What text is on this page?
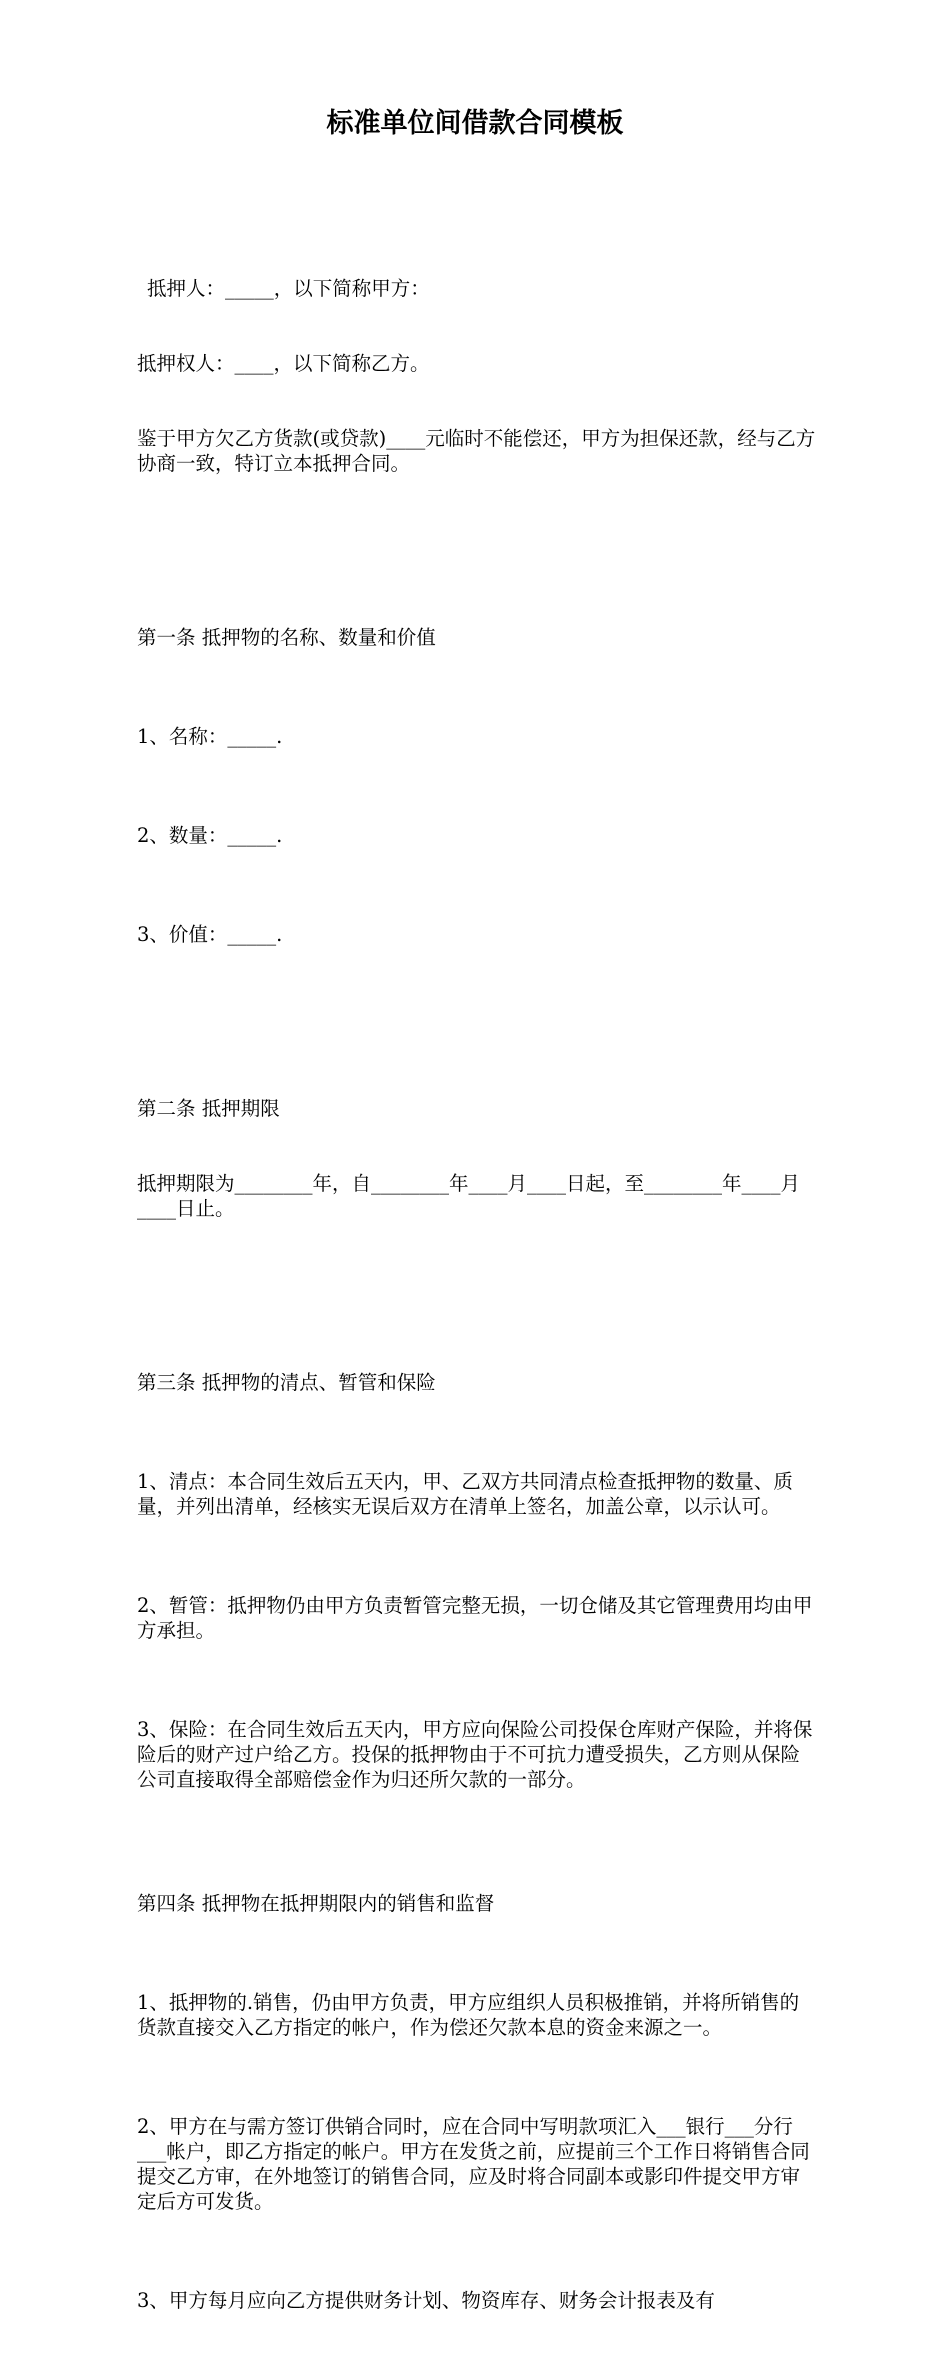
标准单位间借款合同模板

抵押人：_____，以下简称甲方：

抵押权人：____，以下简称乙方。

鉴于甲方欠乙方货款(或贷款)____元临时不能偿还，甲方为担保还款，经与乙方协商一致，特订立本抵押合同。

第一条 抵押物的名称、数量和价值

1、名称：_____.

2、数量：_____.

3、价值：_____.

第二条 抵押期限

抵押期限为________年，自________年____月____日起，至________年____月____日止。

第三条 抵押物的清点、暂管和保险

1、清点：本合同生效后五天内，甲、乙双方共同清点检查抵押物的数量、质量，并列出清单，经核实无误后双方在清单上签名，加盖公章，以示认可。

2、暂管：抵押物仍由甲方负责暂管完整无损，一切仓储及其它管理费用均由甲方承担。

3、保险：在合同生效后五天内，甲方应向保险公司投保仓库财产保险，并将保险后的财产过户给乙方。投保的抵押物由于不可抗力遭受损失，乙方则从保险公司直接取得全部赔偿金作为归还所欠款的一部分。

第四条 抵押物在抵押期限内的销售和监督

1、抵押物的.销售，仍由甲方负责，甲方应组织人员积极推销，并将所销售的货款直接交入乙方指定的帐户，作为偿还欠款本息的资金来源之一。

2、甲方在与需方签订供销合同时，应在合同中写明款项汇入___银行___分行___帐户，即乙方指定的帐户。甲方在发货之前，应提前三个工作日将销售合同提交乙方审，在外地签订的销售合同，应及时将合同副本或影印件提交甲方审定后方可发货。

3、甲方每月应向乙方提供财务计划、物资库存、财务会计报表及有
